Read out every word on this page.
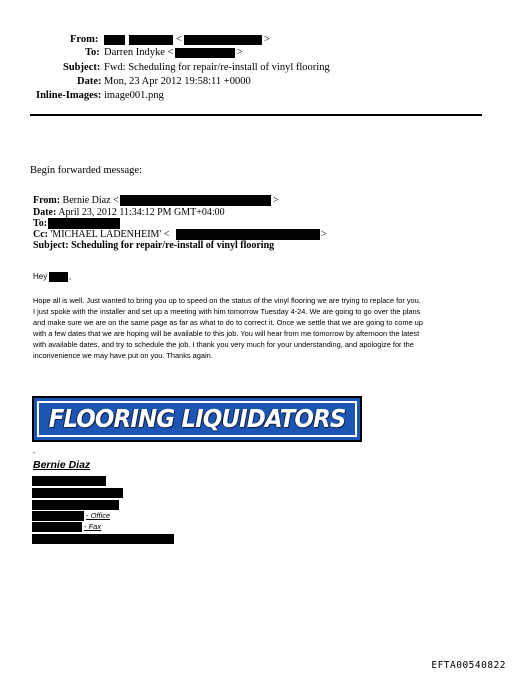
From:	<	>
To: Darren Indyke <	>
Subject: Fwd: Scheduling for repair/re-install of vinyl flooring
Date: Mon, 23 Apr 2012 19:58:11 +0000
Inline-Images: image001.png
Begin forwarded message:
From: Bernie Diaz <	>
Date: April 23, 2012 11:34:12 PM GMT+04:00
To:
Cc: 'MICHAEL LADENHEIM' <	>
Subject: Scheduling for repair/re-install of vinyl flooring
Hey	,
Hope all is well. Just wanted to bring you up to speed on the status of the vinyl flooring we are trying to replace for you.
I just spoke with the installer and set up a meeting with him tomorrow Tuesday 4-24. We are going to go over the plans
and make sure we are on the same page as far as what to do to correct it. Once we settle that we are going to come up
with a few dates that we are hoping will be available to this job. You will hear from me tomorrow by afternoon the latest
with available dates, and try to schedule the job. I thank you very much for your understanding, and apologize for the
inconvenience we may have put on you. Thanks again.
FLOORING LIQUIDATORS
-
Bernie Diaz
- Office
- Fax
EFTA00540822
